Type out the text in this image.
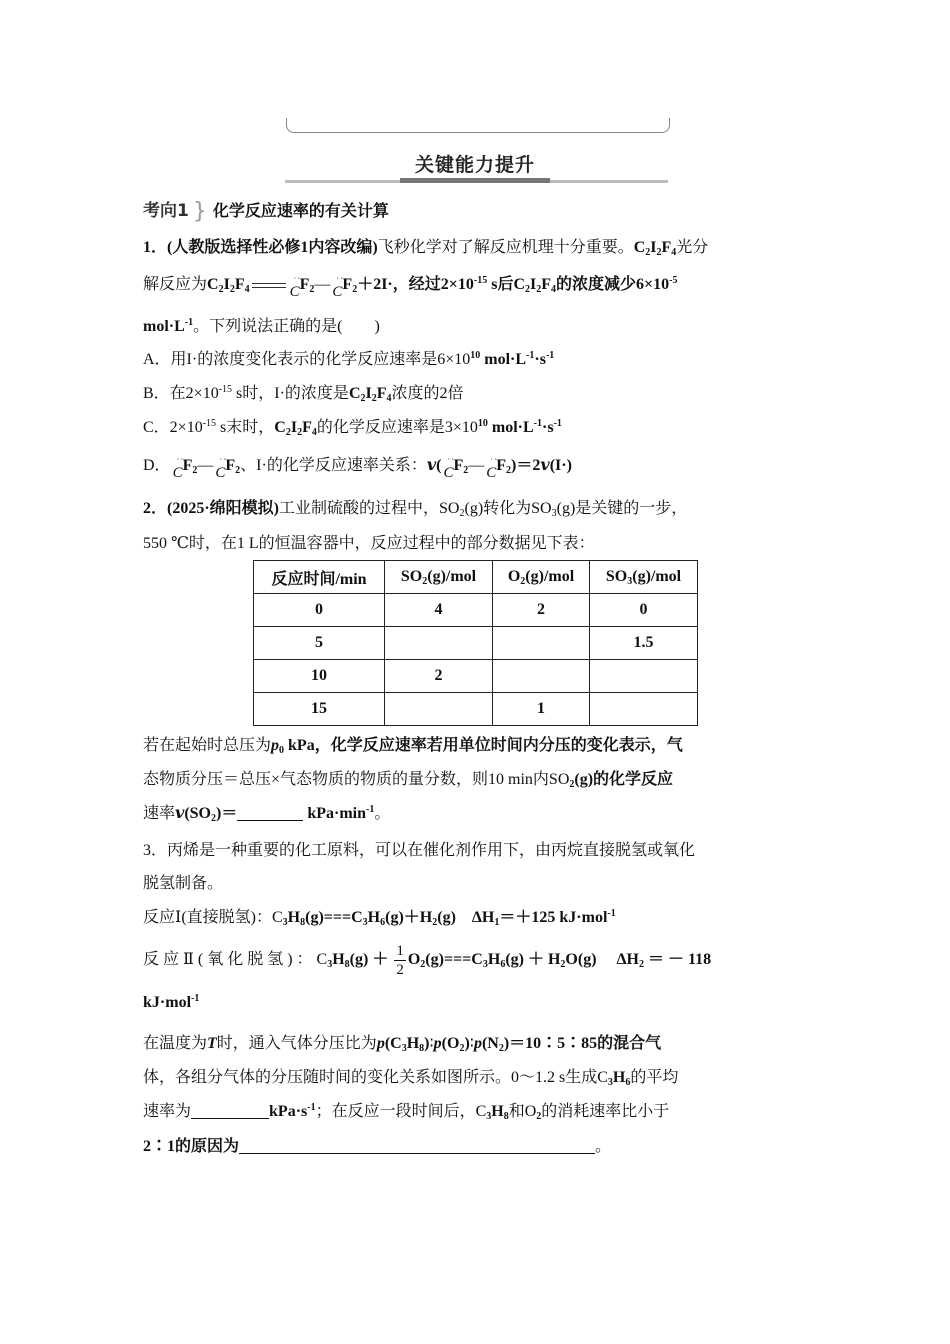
关键能力提升
考向1 } 化学反应速率的有关计算
1．(人教版选择性必修1内容改编)飞秒化学对了解反应机理十分重要。$C_2I_2F_4$光分
解反应为$C_2I_2F_4$
··
$CF_2—$ ··
$CF_2+2I\cdot$，经过$2\times 10^{-15}$ s后$C_2I_2F_4$的浓度减少$6\times 10^{-5}$
$mol\cdot L^{-1}$。下列说法正确的是(　　)
A．用I·的浓度变化表示的化学反应速率是$6\times 10^{10}$ $mol\cdot L^{-1}\cdot s^{-1}$
B．在$2\times 10^{-15}$ s时，I·的浓度是$C_2I_2F_4$浓度的2倍
C．$2\times 10^{-15}$ s末时，$C_2I_2F_4$的化学反应速率是$3\times 10^{10}$ $mol\cdot L^{-1}\cdot s^{-1}$
D． ··
$CF_2—$ ··
$CF_2$、I·的化学反应速率关系：v( ··
$CF_2—$ ··
$CF_2)=2v(I\cdot)$
2．(2025·绵阳模拟)工业制硫酸的过程中，$SO_2(g)$转化为$SO_3(g)$是关键的一步，
550 ℃时，在1 L的恒温容器中，反应过程中的部分数据见下表：
反应时间/min	$SO_2(g)$/mol	$O_2(g)$/mol	$SO_3(g)$/mol
0	4	2	0
5			1.5
10	2		
15		1	
若在起始时总压为$p_0$ kPa，化学反应速率若用单位时间内分压的变化表示，气
态物质分压＝总压×气态物质的物质的量分数，则10 min内$SO_2(g)$的化学反应
速率$v(SO_2)=$	$kPa\cdot\min^{-1}$。
3．丙烯是一种重要的化工原料，可以在催化剂作用下，由丙烷直接脱氢或氧化
脱氢制备。
反应Ⅰ(直接脱氢)：$C_3H_8(g)===C_3H_6(g)+H_2(g)$　$\Delta H_1=+125$ kJ·mol$^{-1}$
反 应 Ⅱ ( 氧 化 脱 氢 ) ： $C_3H_8(g) + \frac{1}{2} O_2(g)===C_3H_6(g) + H_2O(g)$　 $\Delta H_2$ ＝ － 118
kJ·mol$^{-1}$
在温度为T时，通入气体分压比为$p(C_3H_8)∶p(O_2)∶p(N_2)=10∶5∶85$的混合气
体，各组分气体的分压随时间的变化关系如图所示。0～1.2 s生成$C_3H_6$的平均
速率为	$kPa\cdot s^{-1}$；在反应一段时间后，$C_3H_8$和$O_2$的消耗速率比小于
2∶1的原因为	。
